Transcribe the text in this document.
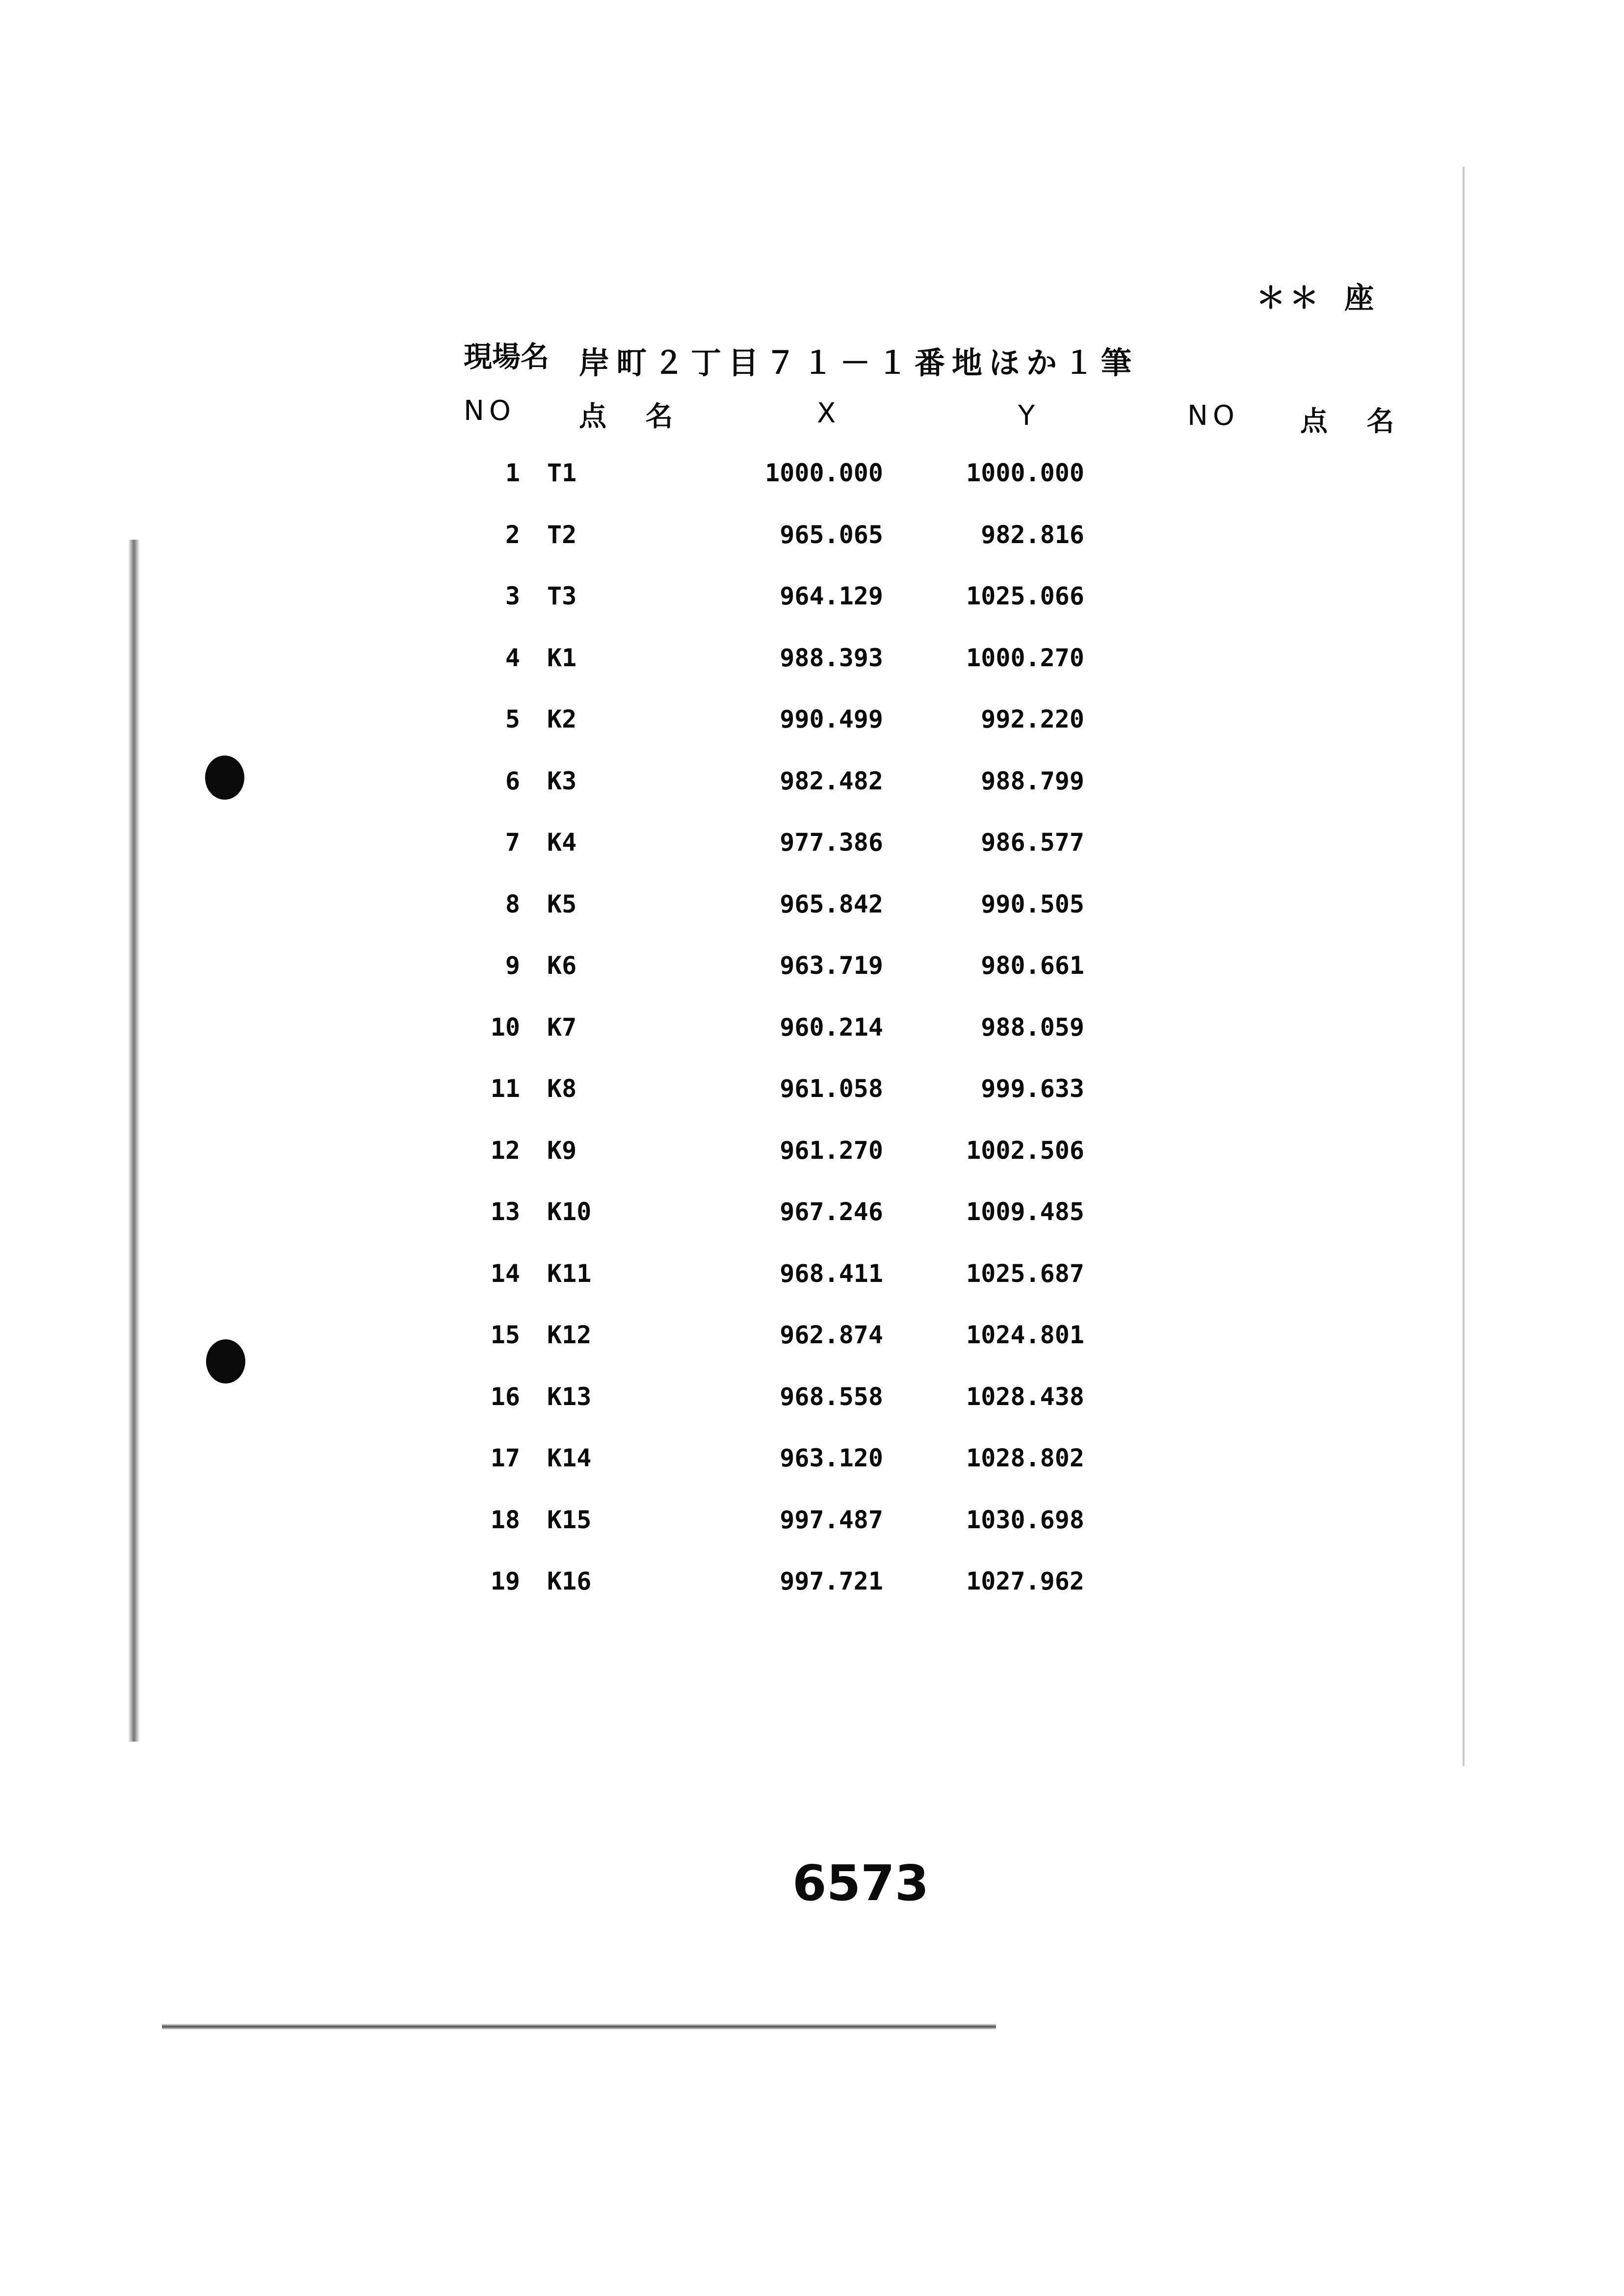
＊＊ 座
現場名 岸町２丁目７１－１番地ほか１筆
NO 点 名	X	Y	NO 点 名
1 T1	1000.000	1000.000
2 T2	965.065	982.816
3 T3	964.129	1025.066
4 K1	988.393	1000.270
5 K2	990.499	992.220
6 K3	982.482	988.799
7 K4	977.386	986.577
8 K5	965.842	990.505
9 K6	963.719	980.661
10 K7	960.214	988.059
11 K8	961.058	999.633
12 K9	961.270	1002.506
13 K10	967.246	1009.485
14 K11	968.411	1025.687
15 K12	962.874	1024.801
16 K13	968.558	1028.438
17 K14	963.120	1028.802
18 K15	997.487	1030.698
19 K16	997.721	1027.962
6573
